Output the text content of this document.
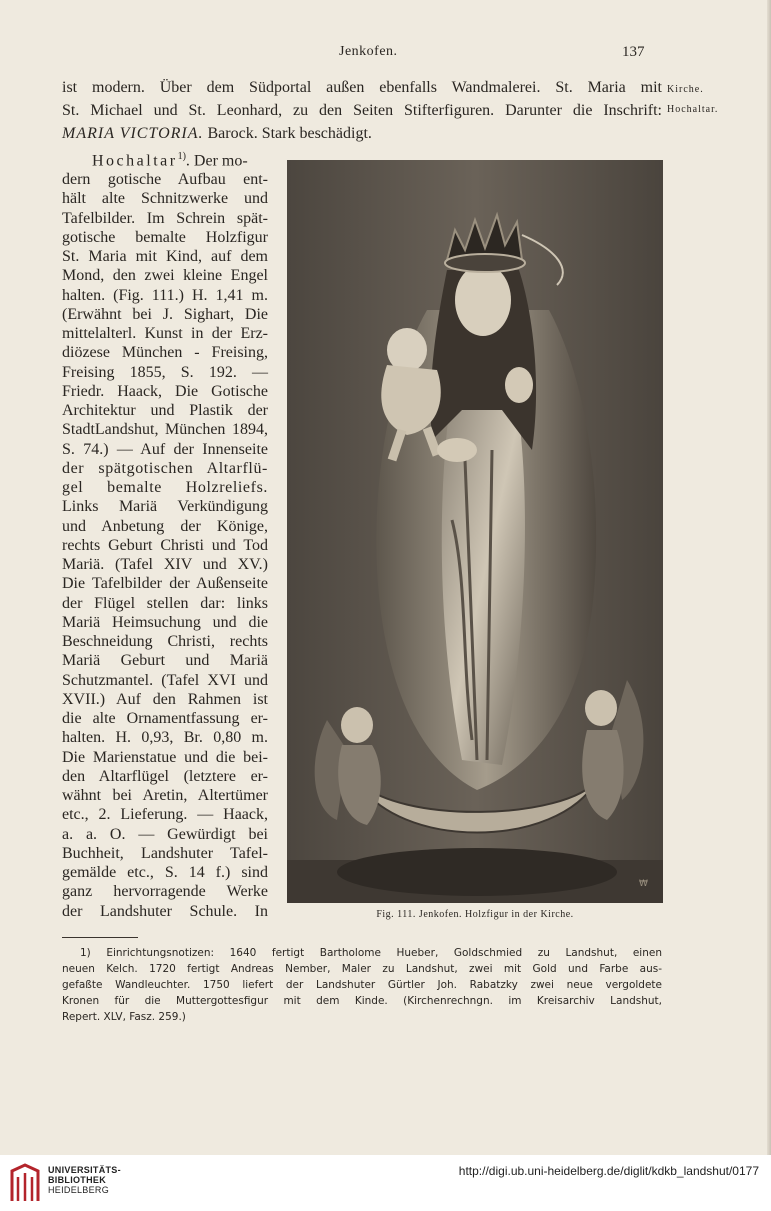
Jenkofen.	137
ist modern. Über dem Südportal außen ebenfalls Wandmalerei. St. Maria mit
St. Michael und St. Leonhard, zu den Seiten Stifterfiguren. Darunter die Inschrift:
MARIA VICTORIA. Barock. Stark beschädigt.
Kirche.
Hochaltar.
Hochaltar$^{1)}$. Der mo-
dern gotische Aufbau ent-
hält alte Schnitzwerke und
Tafelbilder. Im Schrein spät-
gotische bemalte Holzfigur
St. Maria mit Kind, auf dem
Mond, den zwei kleine Engel
halten. (Fig. 111.) H. 1,41 m.
(Erwähnt bei J. Sighart, Die
mittelalterl. Kunst in der Erz-
diözese München - Freising,
Freising 1855, S. 192. —
Friedr. Haack, Die Gotische
Architektur und Plastik der
StadtLandshut, München 1894,
S. 74.) — Auf der Innenseite
der spätgotischen Altarflü-
gel bemalte Holzreliefs.
Links Mariä Verkündigung
und Anbetung der Könige,
rechts Geburt Christi und Tod
Mariä. (Tafel XIV und XV.)
Die Tafelbilder der Außenseite
der Flügel stellen dar: links
Mariä Heimsuchung und die
Beschneidung Christi, rechts
Mariä Geburt und Mariä
Schutzmantel. (Tafel XVI und
XVII.) Auf den Rahmen ist
die alte Ornamentfassung er-
halten. H. 0,93, Br. 0,80 m.
Die Marienstatue und die bei-
den Altarflügel (letztere er-
wähnt bei Aretin, Altertümer
etc., 2. Lieferung. — Haack,
a. a. O. — Gewürdigt bei
Buchheit, Landshuter Tafel-
gemälde etc., S. 14 f.) sind
ganz hervorragende Werke
der Landshuter Schule. In
₩
Fig. 111. Jenkofen. Holzfigur in der Kirche.
1) Einrichtungsnotizen: 1640 fertigt Bartholome Hueber, Goldschmied zu Landshut, einen
neuen Kelch. 1720 fertigt Andreas Nember, Maler zu Landshut, zwei mit Gold und Farbe aus-
gefaßte Wandleuchter. 1750 liefert der Landshuter Gürtler Joh. Rabatzky zwei neue vergoldete
Kronen für die Muttergottesfigur mit dem Kinde. (Kirchenrechngn. im Kreisarchiv Landshut,
Repert. XLV, Fasz. 259.)
UNIVERSITÄTS-
BIBLIOTHEK
HEIDELBERG
http://digi.ub.uni-heidelberg.de/diglit/kdkb_landshut/0177
